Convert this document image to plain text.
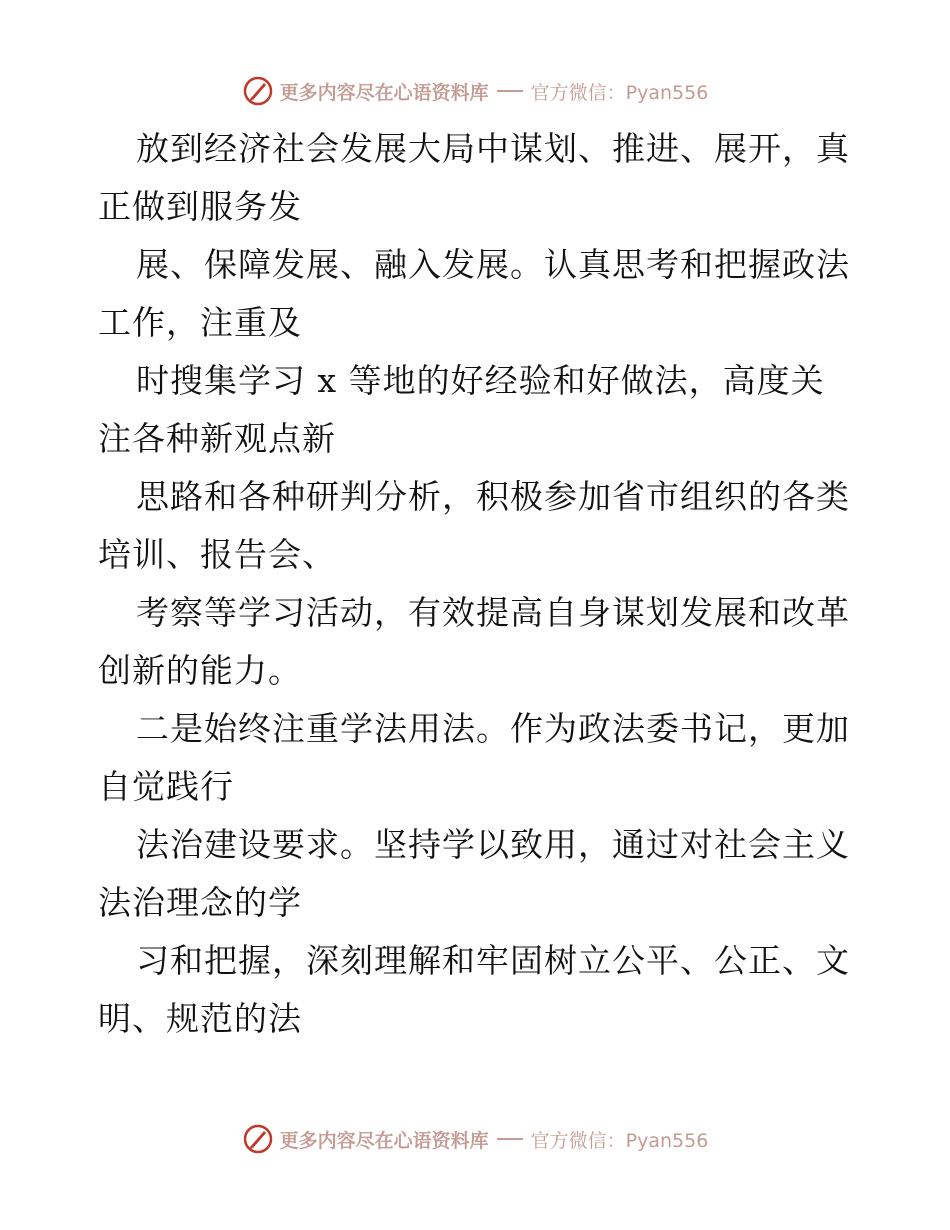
更多内容尽在心语资料库 官方微信：Pyan556
放到经济社会发展大局中谋划、推进、展开，真
正做到服务发
展、保障发展、融入发展。认真思考和把握政法
工作，注重及
时搜集学习 x 等地的好经验和好做法，高度关
注各种新观点新
思路和各种研判分析，积极参加省市组织的各类
培训、报告会、
考察等学习活动，有效提高自身谋划发展和改革
创新的能力。
二是始终注重学法用法。作为政法委书记，更加
自觉践行
法治建设要求。坚持学以致用，通过对社会主义
法治理念的学
习和把握，深刻理解和牢固树立公平、公正、文
明、规范的法
更多内容尽在心语资料库 官方微信：Pyan556
